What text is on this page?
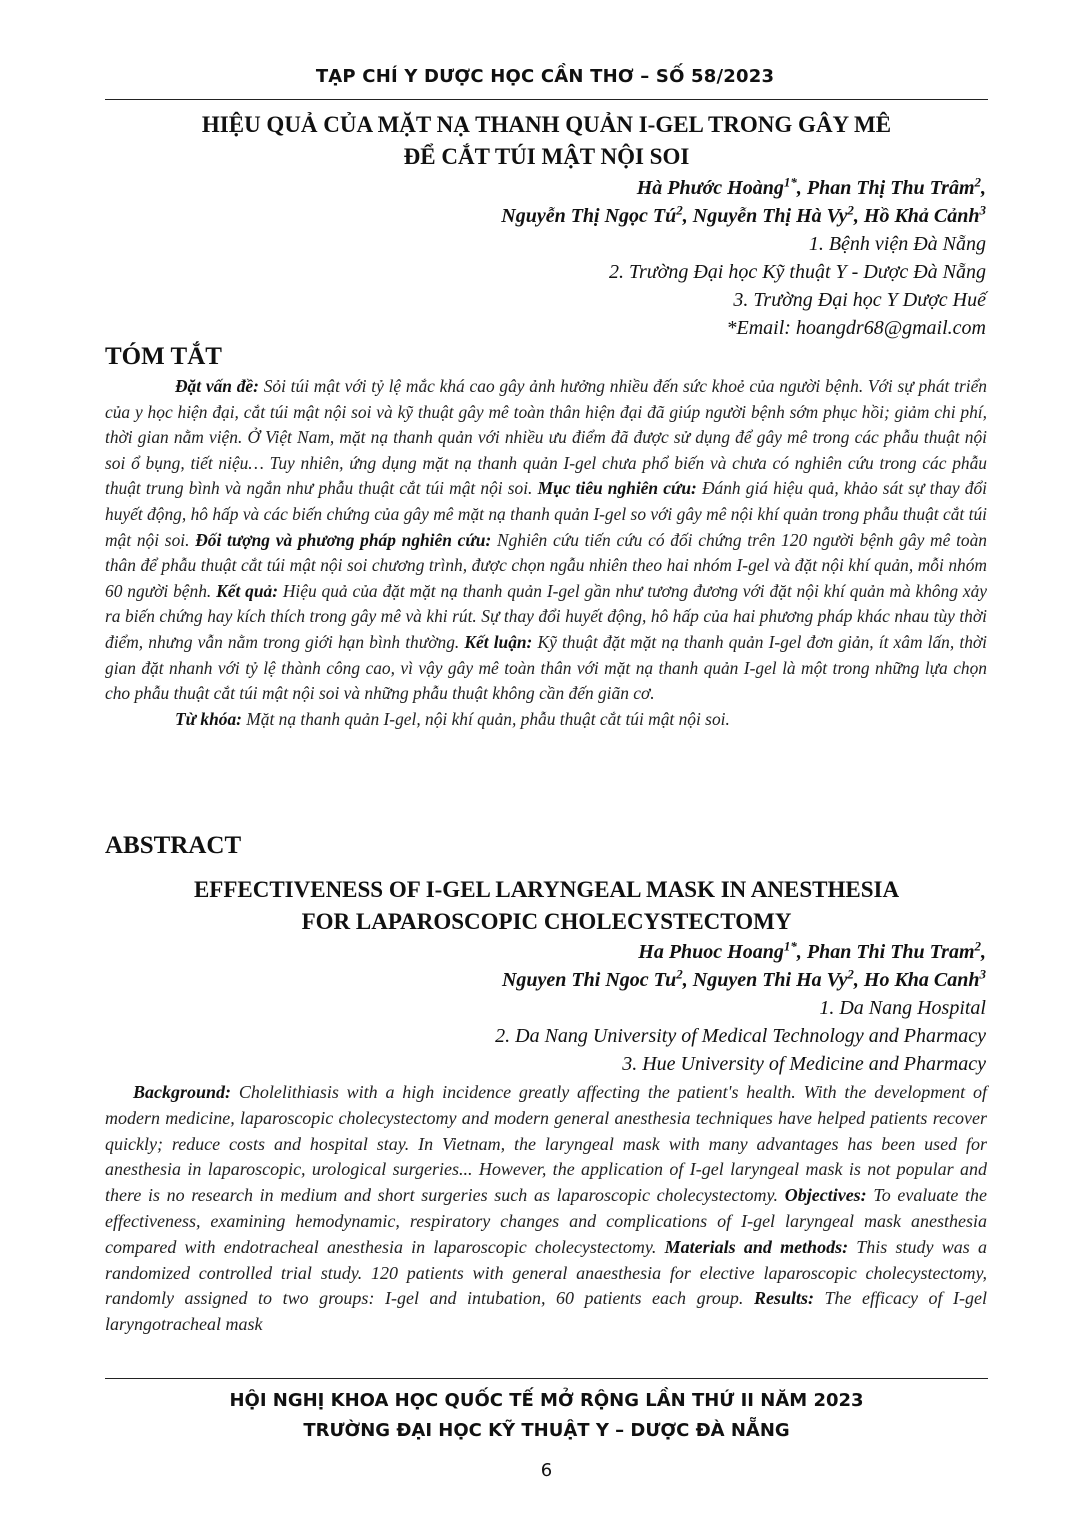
TẠP CHÍ Y DƯỢC HỌC CẦN THƠ – SỐ 58/2023
HIỆU QUẢ CỦA MẶT NẠ THANH QUẢN I-GEL TRONG GÂY MÊ
ĐỂ CẮT TÚI MẬT NỘI SOI
Hà Phước Hoàng$^{1*}$, Phan Thị Thu Trâm$^2$,
Nguyễn Thị Ngọc $Tú^2$, Nguyễn Thị Hà Vy$^2$, Hồ Khả Cảnh$^3$
1. Bệnh viện Đà Nẵng
2. Trường Đại học Kỹ thuật Y - Dược Đà Nẵng
3. Trường Đại học Y Dược Huế
*Email: hoangdr68@gmail.com
TÓM TẮT

Đặt vấn đề: Sỏi túi mật với tỷ lệ mắc khá cao gây ảnh hưởng nhiều đến sức khoẻ của người bệnh. Với sự phát triển của y học hiện đại, cắt túi mật nội soi và kỹ thuật gây mê toàn thân hiện đại đã giúp người bệnh sớm phục hồi; giảm chi phí, thời gian nằm viện. Ở Việt Nam, mặt nạ thanh quản với nhiều ưu điểm đã được sử dụng để gây mê trong các phẫu thuật nội soi ổ bụng, tiết niệu… Tuy nhiên, ứng dụng mặt nạ thanh quản I-gel chưa phổ biến và chưa có nghiên cứu trong các phẫu thuật trung bình và ngắn như phẫu thuật cắt túi mật nội soi. Mục tiêu nghiên cứu: Đánh giá hiệu quả, khảo sát sự thay đổi huyết động, hô hấp và các biến chứng của gây mê mặt nạ thanh quản I-gel so với gây mê nội khí quản trong phẫu thuật cắt túi mật nội soi. Đối tượng và phương pháp nghiên cứu: Nghiên cứu tiến cứu có đối chứng trên 120 người bệnh gây mê toàn thân để phẫu thuật cắt túi mật nội soi chương trình, được chọn ngẫu nhiên theo hai nhóm I-gel và đặt nội khí quản, mỗi nhóm 60 người bệnh. Kết quả: Hiệu quả của đặt mặt nạ thanh quản I-gel gần như tương đương với đặt nội khí quản mà không xảy ra biến chứng hay kích thích trong gây mê và khi rút. Sự thay đổi huyết động, hô hấp của hai phương pháp khác nhau tùy thời điểm, nhưng vẫn nằm trong giới hạn bình thường. Kết luận: Kỹ thuật đặt mặt nạ thanh quản I-gel đơn giản, ít xâm lấn, thời gian đặt nhanh với tỷ lệ thành công cao, vì vậy gây mê toàn thân với mặt nạ thanh quản I-gel là một trong những lựa chọn cho phẫu thuật cắt túi mật nội soi và những phẫu thuật không cần đến giãn cơ.

Từ khóa: Mặt nạ thanh quản I-gel, nội khí quản, phẫu thuật cắt túi mật nội soi.

ABSTRACT
EFFECTIVENESS OF I-GEL LARYNGEAL MASK IN ANESTHESIA
FOR LAPAROSCOPIC CHOLECYSTECTOMY
Ha Phuoc Hoang$^{1*}$, Phan Thi Thu Tram$^2$,
Nguyen Thi Ngoc Tu$^2$, Nguyen Thi Ha Vy$^2$, Ho Kha Canh$^3$
1. Da Nang Hospital
2. Da Nang University of Medical Technology and Pharmacy
3. Hue University of Medicine and Pharmacy

Background: Cholelithiasis with a high incidence greatly affecting the patient's health. With the development of modern medicine, laparoscopic cholecystectomy and modern general anesthesia techniques have helped patients recover quickly; reduce costs and hospital stay. In Vietnam, the laryngeal mask with many advantages has been used for anesthesia in laparoscopic, urological surgeries... However, the application of I-gel laryngeal mask is not popular and there is no research in medium and short surgeries such as laparoscopic cholecystectomy. Objectives: To evaluate the effectiveness, examining hemodynamic, respiratory changes and complications of I-gel laryngeal mask anesthesia compared with endotracheal anesthesia in laparoscopic cholecystectomy. Materials and methods: This study was a randomized controlled trial study. 120 patients with general anaesthesia for elective laparoscopic cholecystectomy, randomly assigned to two groups: I-gel and intubation, 60 patients each group. Results: The efficacy of I-gel laryngotracheal mask

HỘI NGHỊ KHOA HỌC QUỐC TẾ MỞ RỘNG LẦN THỨ II NĂM 2023
TRƯỜNG ĐẠI HỌC KỸ THUẬT Y – DƯỢC ĐÀ NẴNG
6
